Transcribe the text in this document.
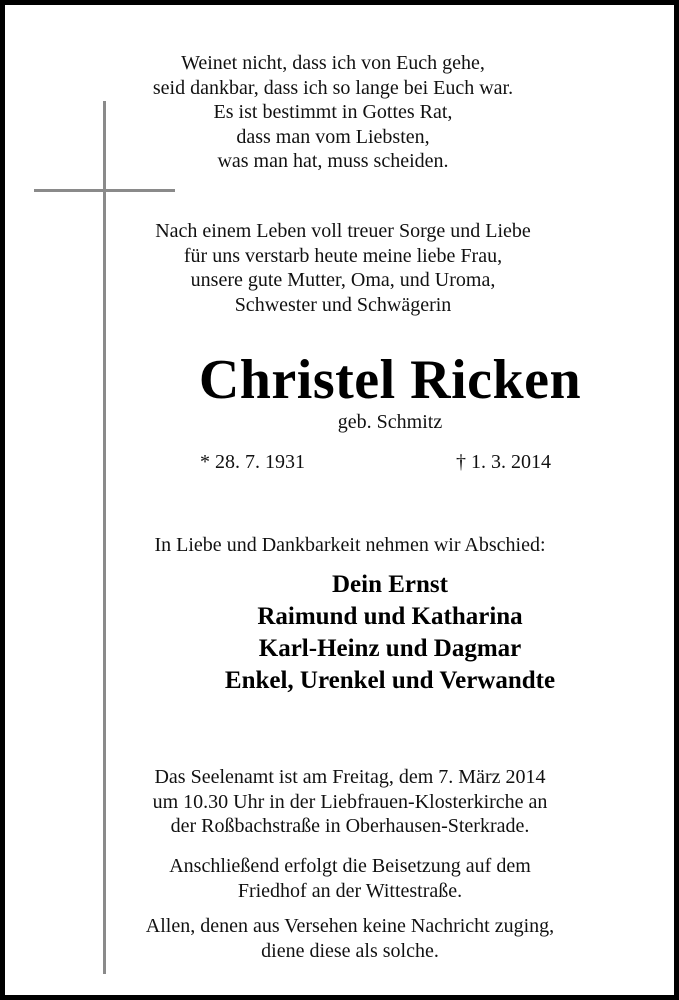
Weinet nicht, dass ich von Euch gehe,
seid dankbar, dass ich so lange bei Euch war.
Es ist bestimmt in Gottes Rat,
dass man vom Liebsten,
was man hat, muss scheiden.
Nach einem Leben voll treuer Sorge und Liebe
für uns verstarb heute meine liebe Frau,
unsere gute Mutter, Oma, und Uroma,
Schwester und Schwägerin
Christel Ricken
geb. Schmitz
* 28. 7. 1931	† 1. 3. 2014
In Liebe und Dankbarkeit nehmen wir Abschied:
Dein Ernst
Raimund und Katharina
Karl-Heinz und Dagmar
Enkel, Urenkel und Verwandte
Das Seelenamt ist am Freitag, dem 7. März 2014
um 10.30 Uhr in der Liebfrauen-Klosterkirche an
der Roßbachstraße in Oberhausen-Sterkrade.
Anschließend erfolgt die Beisetzung auf dem
Friedhof an der Wittestraße.
Allen, denen aus Versehen keine Nachricht zuging,
diene diese als solche.
